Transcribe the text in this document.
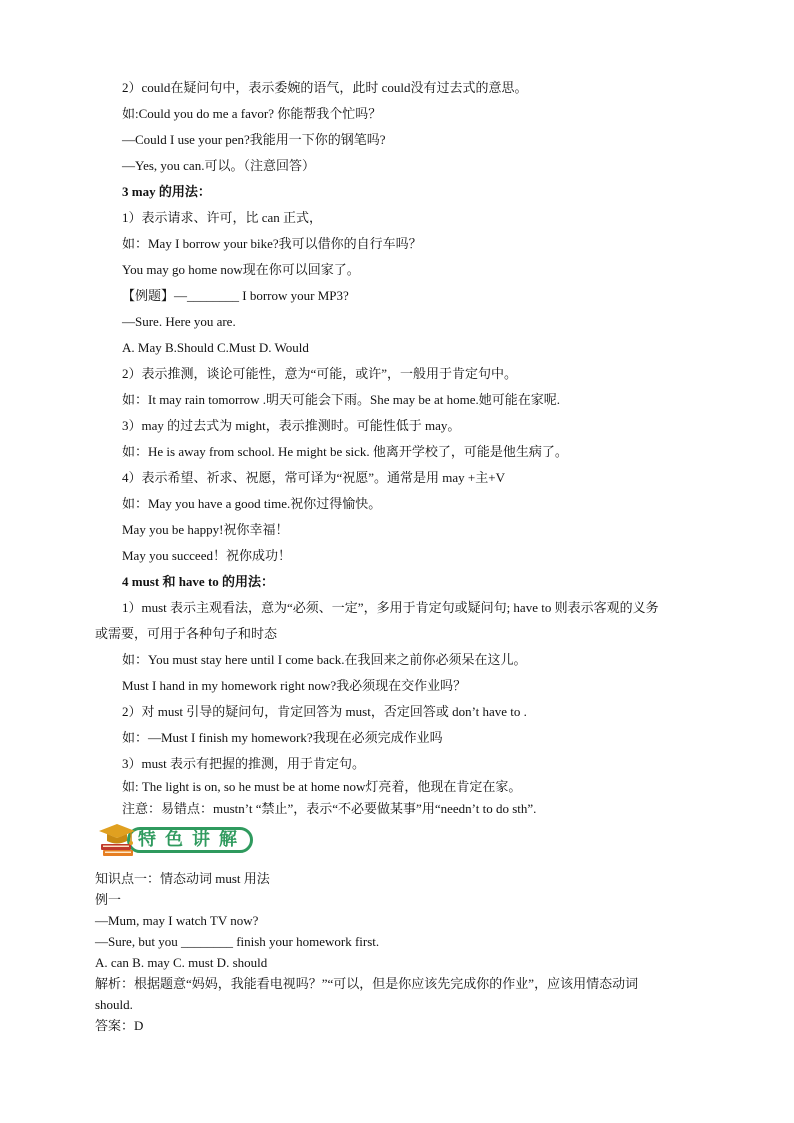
2）could在疑问句中，表示委婉的语气，此时 could没有过去式的意思。
如:Could you do me a favor? 你能帮我个忙吗？
—Could I use your pen?我能用一下你的钢笔吗?
—Yes, you can.可以。（注意回答）
3 may 的用法：
1）表示请求、许可，比 can 正式，
如：May I borrow your bike?我可以借你的自行车吗？
You may go home now现在你可以回家了。
【例题】—________ I borrow your MP3?
—Sure. Here you are.
A. May B.Should C.Must D. Would
2）表示推测，谈论可能性，意为“可能，或许”，一般用于肯定句中。
如：It may rain tomorrow .明天可能会下雨。She may be at home.她可能在家呢.
3）may 的过去式为 might，表示推测时。可能性低于 may。
如：He is away from school. He might be sick. 他离开学校了，可能是他生病了。
4）表示希望、祈求、祝愿，常可译为“祝愿”。通常是用 may +主+V
如：May you have a good time.祝你过得愉快。
May you be happy!祝你幸福！
May you succeed！祝你成功！
4 must 和 have to 的用法：
1）must 表示主观看法，意为“必须、一定”，多用于肯定句或疑问句; have to 则表示客观的义务
或需要，可用于各种句子和时态
如：You must stay here until I come back.在我回来之前你必须呆在这儿。
Must I hand in my homework right now?我必须现在交作业吗？
2）对 must 引导的疑问句，肯定回答为 must，否定回答或 don’t have to .
如：—Must I finish my homework?我现在必须完成作业吗
3）must 表示有把握的推测，用于肯定句。
如: The light is on, so he must be at home now灯亮着，他现在肯定在家。
注意：易错点：mustn’t “禁止”，表示“不必要做某事”用“needn’t to do sth”.
特色讲解
知识点一：情态动词 must 用法
例一
—Mum, may I watch TV now?
—Sure, but you ________ finish your homework first.
A. can B. may C. must D. should
解析：根据题意“妈妈，我能看电视吗？”“可以，但是你应该先完成你的作业”，应该用情态动词
should.
答案：D
